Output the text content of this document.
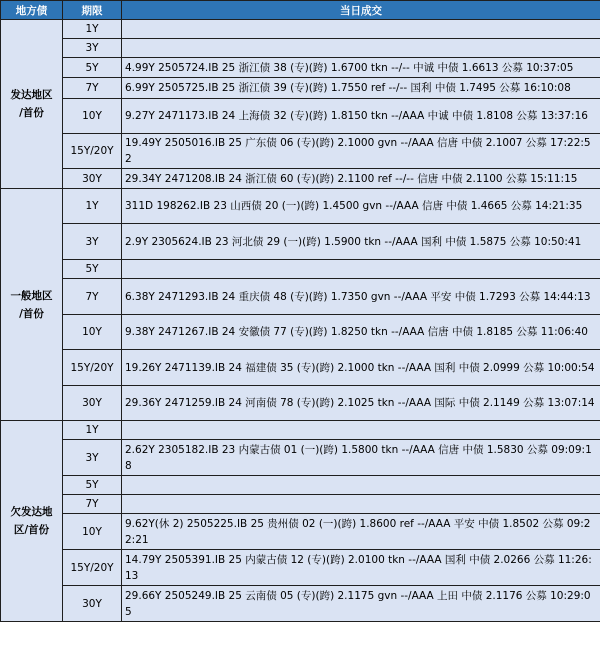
地方债	期限	当日成交

发达地区
/首份	1Y	
	3Y	
	5Y	4.99Y 2505724.IB 25 浙江债 38 (专)(跨) 1.6700 tkn --/-- 中诚 中债 1.6613 公募 10:37:05
	7Y	6.99Y 2505725.IB 25 浙江债 39 (专)(跨) 1.7550 ref --/-- 国利 中债 1.7495 公募 16:10:08
	10Y	9.27Y 2471173.IB 24 上海债 32 (专)(跨) 1.8150 tkn --/AAA 中诚 中债 1.8108 公募 13:37:16
	15Y/20Y	19.49Y 2505016.IB 25 广东债 06 (专)(跨) 2.1000 gvn --/AAA 信唐 中债 2.1007 公募 17:22:52
	30Y	29.34Y 2471208.IB 24 浙江债 60 (专)(跨) 2.1100 ref --/-- 信唐 中债 2.1100 公募 15:11:15

一般地区
/首份	1Y	311D 198262.IB 23 山西债 20 (一)(跨) 1.4500 gvn --/AAA 信唐 中债 1.4665 公募 14:21:35
	3Y	2.9Y 2305624.IB 23 河北债 29 (一)(跨) 1.5900 tkn --/AAA 国利 中债 1.5875 公募 10:50:41
	5Y	
	7Y	6.38Y 2471293.IB 24 重庆债 48 (专)(跨) 1.7350 gvn --/AAA 平安 中债 1.7293 公募 14:44:13
	10Y	9.38Y 2471267.IB 24 安徽债 77 (专)(跨) 1.8250 tkn --/AAA 信唐 中债 1.8185 公募 11:06:40
	15Y/20Y	19.26Y 2471139.IB 24 福建债 35 (专)(跨) 2.1000 tkn --/AAA 国利 中债 2.0999 公募 10:00:54
	30Y	29.36Y 2471259.IB 24 河南债 78 (专)(跨) 2.1025 tkn --/AAA 国际 中债 2.1149 公募 13:07:14

欠发达地
区/首份	1Y	
	3Y	2.62Y 2305182.IB 23 内蒙古债 01 (一)(跨) 1.5800 tkn --/AAA 信唐 中债 1.5830 公募 09:09:18
	5Y	
	7Y	
	10Y	9.62Y(休 2) 2505225.IB 25 贵州债 02 (一)(跨) 1.8600 ref --/AAA 平安 中债 1.8502 公募 09:22:21
	15Y/20Y	14.79Y 2505391.IB 25 内蒙古债 12 (专)(跨) 2.0100 tkn --/AAA 国利 中债 2.0266 公募 11:26:13
	30Y	29.66Y 2505249.IB 25 云南债 05 (专)(跨) 2.1175 gvn --/AAA 上田 中债 2.1176 公募 10:29:05
